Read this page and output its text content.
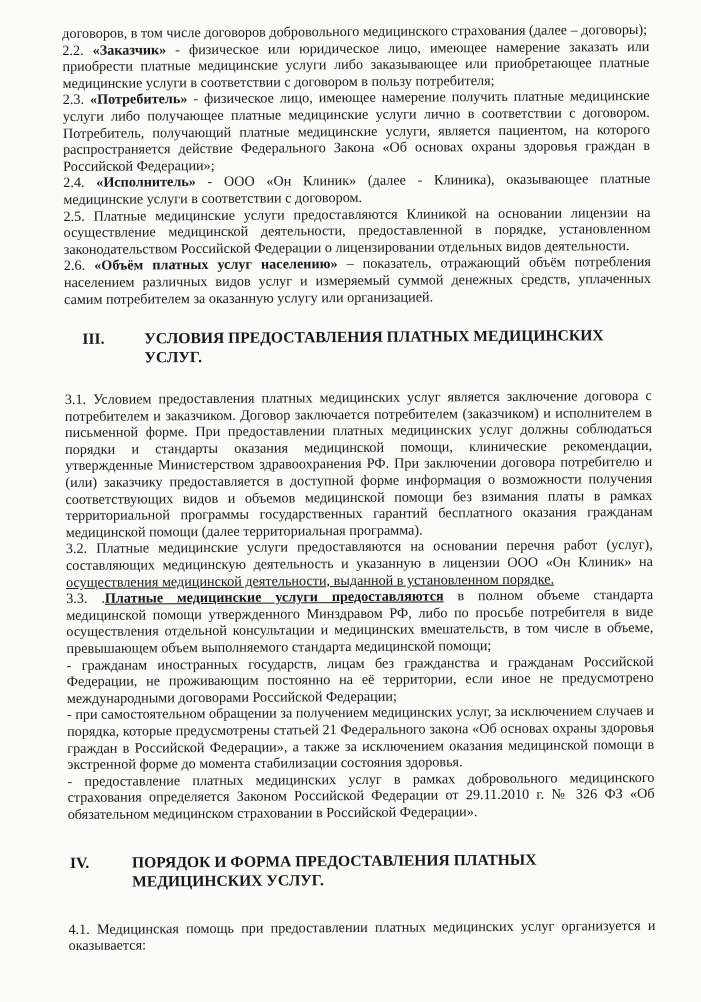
договоров, в том числе договоров добровольного медицинского страхования (далее – договоры);

2.2. «Заказчик» - физическое или юридическое лицо, имеющее намерение заказать или приобрести платные медицинские услуги либо заказывающее или приобретающее платные медицинские услуги в соответствии с договором в пользу потребителя;

2.3. «Потребитель» - физическое лицо, имеющее намерение получить платные медицинские услуги либо получающее платные медицинские услуги лично в соответствии с договором. Потребитель, получающий платные медицинские услуги, является пациентом, на которого распространяется действие Федерального Закона «Об основах охраны здоровья граждан в Российской Федерации»;

2.4. «Исполнитель» - ООО «Он Клиник» (далее - Клиника), оказывающее платные медицинские услуги в соответствии с договором.

2.5. Платные медицинские услуги предоставляются Клиникой на основании лицензии на осуществление медицинской деятельности, предоставленной в порядке, установленном законодательством Российской Федерации о лицензировании отдельных видов деятельности.

2.6. «Объём платных услуг населению» – показатель, отражающий объём потребления населением различных видов услуг и измеряемый суммой денежных средств, уплаченных самим потребителем за оказанную услугу или организацией.

III.	УСЛОВИЯ ПРЕДОСТАВЛЕНИЯ ПЛАТНЫХ МЕДИЦИНСКИХ УСЛУГ.

3.1. Условием предоставления платных медицинских услуг является заключение договора с потребителем и заказчиком. Договор заключается потребителем (заказчиком) и исполнителем в письменной форме. При предоставлении платных медицинских услуг должны соблюдаться порядки и стандарты оказания медицинской помощи, клинические рекомендации, утвержденные Министерством здравоохранения РФ. При заключении договора потребителю и (или) заказчику предоставляется в доступной форме информация о возможности получения соответствующих видов и объемов медицинской помощи без взимания платы в рамках территориальной программы государственных гарантий бесплатного оказания гражданам медицинской помощи (далее территориальная программа).

3.2. Платные медицинские услуги предоставляются на основании перечня работ (услуг), составляющих медицинскую деятельность и указанную в лицензии ООО «Он Клиник» на осуществления медицинской деятельности, выданной в установленном порядке.

3.3. .Платные медицинские услуги предоставляются в полном объеме стандарта медицинской помощи утвержденного Минздравом РФ, либо по просьбе потребителя в виде осуществления отдельной консультации и медицинских вмешательств, в том числе в объеме, превышающем объем выполняемого стандарта медицинской помощи;

- гражданам иностранных государств, лицам без гражданства и гражданам Российской Федерации, не проживающим постоянно на её территории, если иное не предусмотрено международными договорами Российской Федерации;

- при самостоятельном обращении за получением медицинских услуг, за исключением случаев и порядка, которые предусмотрены статьей 21 Федерального закона «Об основах охраны здоровья граждан в Российской Федерации», а также за исключением оказания медицинской помощи в экстренной форме до момента стабилизации состояния здоровья.

- предоставление платных медицинских услуг в рамках добровольного медицинского страхования определяется Законом Российской Федерации от 29.11.2010 г. № 326 ФЗ «Об обязательном медицинском страховании в Российской Федерации».

IV.	ПОРЯДОК И ФОРМА ПРЕДОСТАВЛЕНИЯ ПЛАТНЫХ МЕДИЦИНСКИХ УСЛУГ.

4.1. Медицинская помощь при предоставлении платных медицинских услуг организуется и оказывается:
